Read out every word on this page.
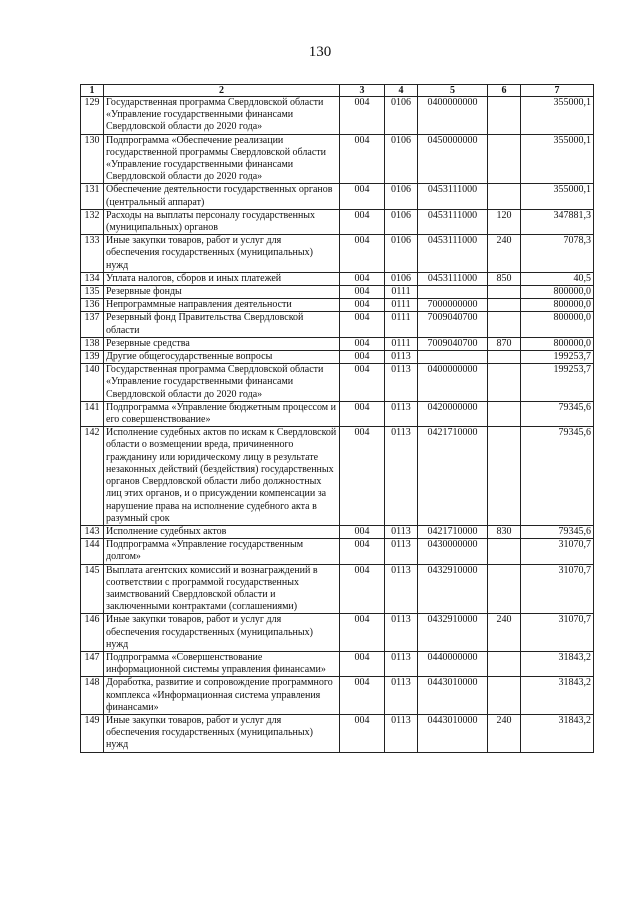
130
1	2	3	4	5	6	7
129	Государственная программа Свердловской области «Управление государственными финансами Свердловской области до 2020 года»	004	0106	0400000000		355000,1
130	Подпрограмма «Обеспечение реализации государственной программы Свердловской области «Управление государственными финансами Свердловской области до 2020 года»	004	0106	0450000000		355000,1
131	Обеспечение деятельности государственных органов (центральный аппарат)	004	0106	0453111000		355000,1
132	Расходы на выплаты персоналу государственных (муниципальных) органов	004	0106	0453111000	120	347881,3
133	Иные закупки товаров, работ и услуг для обеспечения государственных (муниципальных) нужд	004	0106	0453111000	240	7078,3
134	Уплата налогов, сборов и иных платежей	004	0106	0453111000	850	40,5
135	Резервные фонды	004	0111			800000,0
136	Непрограммные направления деятельности	004	0111	7000000000		800000,0
137	Резервный фонд Правительства Свердловской области	004	0111	7009040700		800000,0
138	Резервные средства	004	0111	7009040700	870	800000,0
139	Другие общегосударственные вопросы	004	0113			199253,7
140	Государственная программа Свердловской области «Управление государственными финансами Свердловской области до 2020 года»	004	0113	0400000000		199253,7
141	Подпрограмма «Управление бюджетным процессом и его совершенствование»	004	0113	0420000000		79345,6
142	Исполнение судебных актов по искам к Свердловской области о возмещении вреда, причиненного гражданину или юридическому лицу в результате незаконных действий (бездействия) государственных органов Свердловской области либо должностных лиц этих органов, и о присуждении компенсации за нарушение права на исполнение судебного акта в разумный срок	004	0113	0421710000		79345,6
143	Исполнение судебных актов	004	0113	0421710000	830	79345,6
144	Подпрограмма «Управление государственным долгом»	004	0113	0430000000		31070,7
145	Выплата агентских комиссий и вознаграждений в соответствии с программой государственных заимствований Свердловской области и заключенными контрактами (соглашениями)	004	0113	0432910000		31070,7
146	Иные закупки товаров, работ и услуг для обеспечения государственных (муниципальных) нужд	004	0113	0432910000	240	31070,7
147	Подпрограмма «Совершенствование информационной системы управления финансами»	004	0113	0440000000		31843,2
148	Доработка, развитие и сопровождение программного комплекса «Информационная система управления финансами»	004	0113	0443010000		31843,2
149	Иные закупки товаров, работ и услуг для обеспечения государственных (муниципальных) нужд	004	0113	0443010000	240	31843,2
